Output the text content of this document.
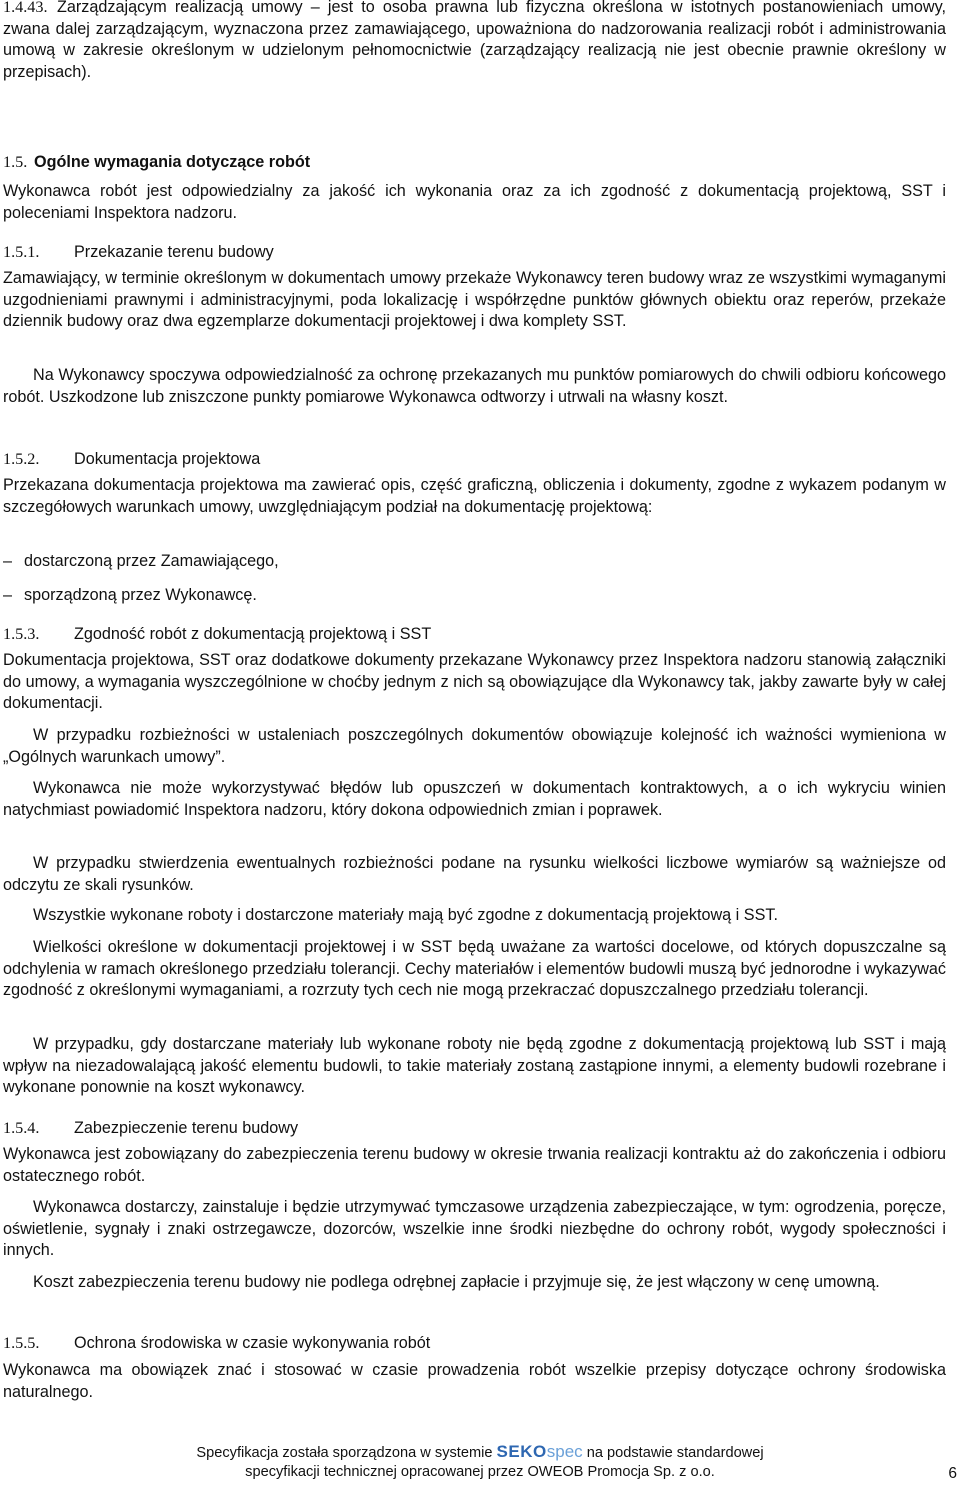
1.4.43. Zarządzającym realizacją umowy – jest to osoba prawna lub fizyczna określona w istotnych postanowieniach umowy, zwana dalej zarządzającym, wyznaczona przez zamawiającego, upoważniona do nadzorowania realizacji robót i administrowania umową w zakresie określonym w udzielonym pełnomocnictwie (zarządzający realizacją nie jest obecnie prawnie określony w przepisach).

1.5. Ogólne wymagania dotyczące robót

Wykonawca robót jest odpowiedzialny za jakość ich wykonania oraz za ich zgodność z dokumentacją projektową, SST i poleceniami Inspektora nadzoru.

1.5.1. Przekazanie terenu budowy

Zamawiający, w terminie określonym w dokumentach umowy przekaże Wykonawcy teren budowy wraz ze wszystkimi wymaganymi uzgodnieniami prawnymi i administracyjnymi, poda lokalizację i współrzędne punktów głównych obiektu oraz reperów, przekaże dziennik budowy oraz dwa egzemplarze dokumentacji projektowej i dwa komplety SST.

Na Wykonawcy spoczywa odpowiedzialność za ochronę przekazanych mu punktów pomiarowych do chwili odbioru końcowego robót. Uszkodzone lub zniszczone punkty pomiarowe Wykonawca odtworzy i utrwali na własny koszt.

1.5.2. Dokumentacja projektowa

Przekazana dokumentacja projektowa ma zawierać opis, część graficzną, obliczenia i dokumenty, zgodne z wykazem podanym w szczegółowych warunkach umowy, uwzględniającym podział na dokumentację projektową:

– dostarczoną przez Zamawiającego,
– sporządzoną przez Wykonawcę.
1.5.3. Zgodność robót z dokumentacją projektową i SST

Dokumentacja projektowa, SST oraz dodatkowe dokumenty przekazane Wykonawcy przez Inspektora nadzoru stanowią załączniki do umowy, a wymagania wyszczególnione w choćby jednym z nich są obowiązujące dla Wykonawcy tak, jakby zawarte były w całej dokumentacji.

W przypadku rozbieżności w ustaleniach poszczególnych dokumentów obowiązuje kolejność ich ważności wymieniona w „Ogólnych warunkach umowy”.

Wykonawca nie może wykorzystywać błędów lub opuszczeń w dokumentach kontraktowych, a o ich wykryciu winien natychmiast powiadomić Inspektora nadzoru, który dokona odpowiednich zmian i poprawek.

W przypadku stwierdzenia ewentualnych rozbieżności podane na rysunku wielkości liczbowe wymiarów są ważniejsze od odczytu ze skali rysunków.

Wszystkie wykonane roboty i dostarczone materiały mają być zgodne z dokumentacją projektową i SST.

Wielkości określone w dokumentacji projektowej i w SST będą uważane za wartości docelowe, od których dopuszczalne są odchylenia w ramach określonego przedziału tolerancji. Cechy materiałów i elementów budowli muszą być jednorodne i wykazywać zgodność z określonymi wymaganiami, a rozrzuty tych cech nie mogą przekraczać dopuszczalnego przedziału tolerancji.

W przypadku, gdy dostarczane materiały lub wykonane roboty nie będą zgodne z dokumentacją projektową lub SST i mają wpływ na niezadowalającą jakość elementu budowli, to takie materiały zostaną zastąpione innymi, a elementy budowli rozebrane i wykonane ponownie na koszt wykonawcy.

1.5.4. Zabezpieczenie terenu budowy

Wykonawca jest zobowiązany do zabezpieczenia terenu budowy w okresie trwania realizacji kontraktu aż do zakończenia i odbioru ostatecznego robót.

Wykonawca dostarczy, zainstaluje i będzie utrzymywać tymczasowe urządzenia zabezpieczające, w tym: ogrodzenia, poręcze, oświetlenie, sygnały i znaki ostrzegawcze, dozorców, wszelkie inne środki niezbędne do ochrony robót, wygody społeczności i innych.

Koszt zabezpieczenia terenu budowy nie podlega odrębnej zapłacie i przyjmuje się, że jest włączony w cenę umowną.

1.5.5. Ochrona środowiska w czasie wykonywania robót

Wykonawca ma obowiązek znać i stosować w czasie prowadzenia robót wszelkie przepisy dotyczące ochrony środowiska naturalnego.

Specyfikacja została sporządzona w systemie SEKOspec na podstawie standardowej
specyfikacji technicznej opracowanej przez OWEOB Promocja Sp. z o.o.	6
